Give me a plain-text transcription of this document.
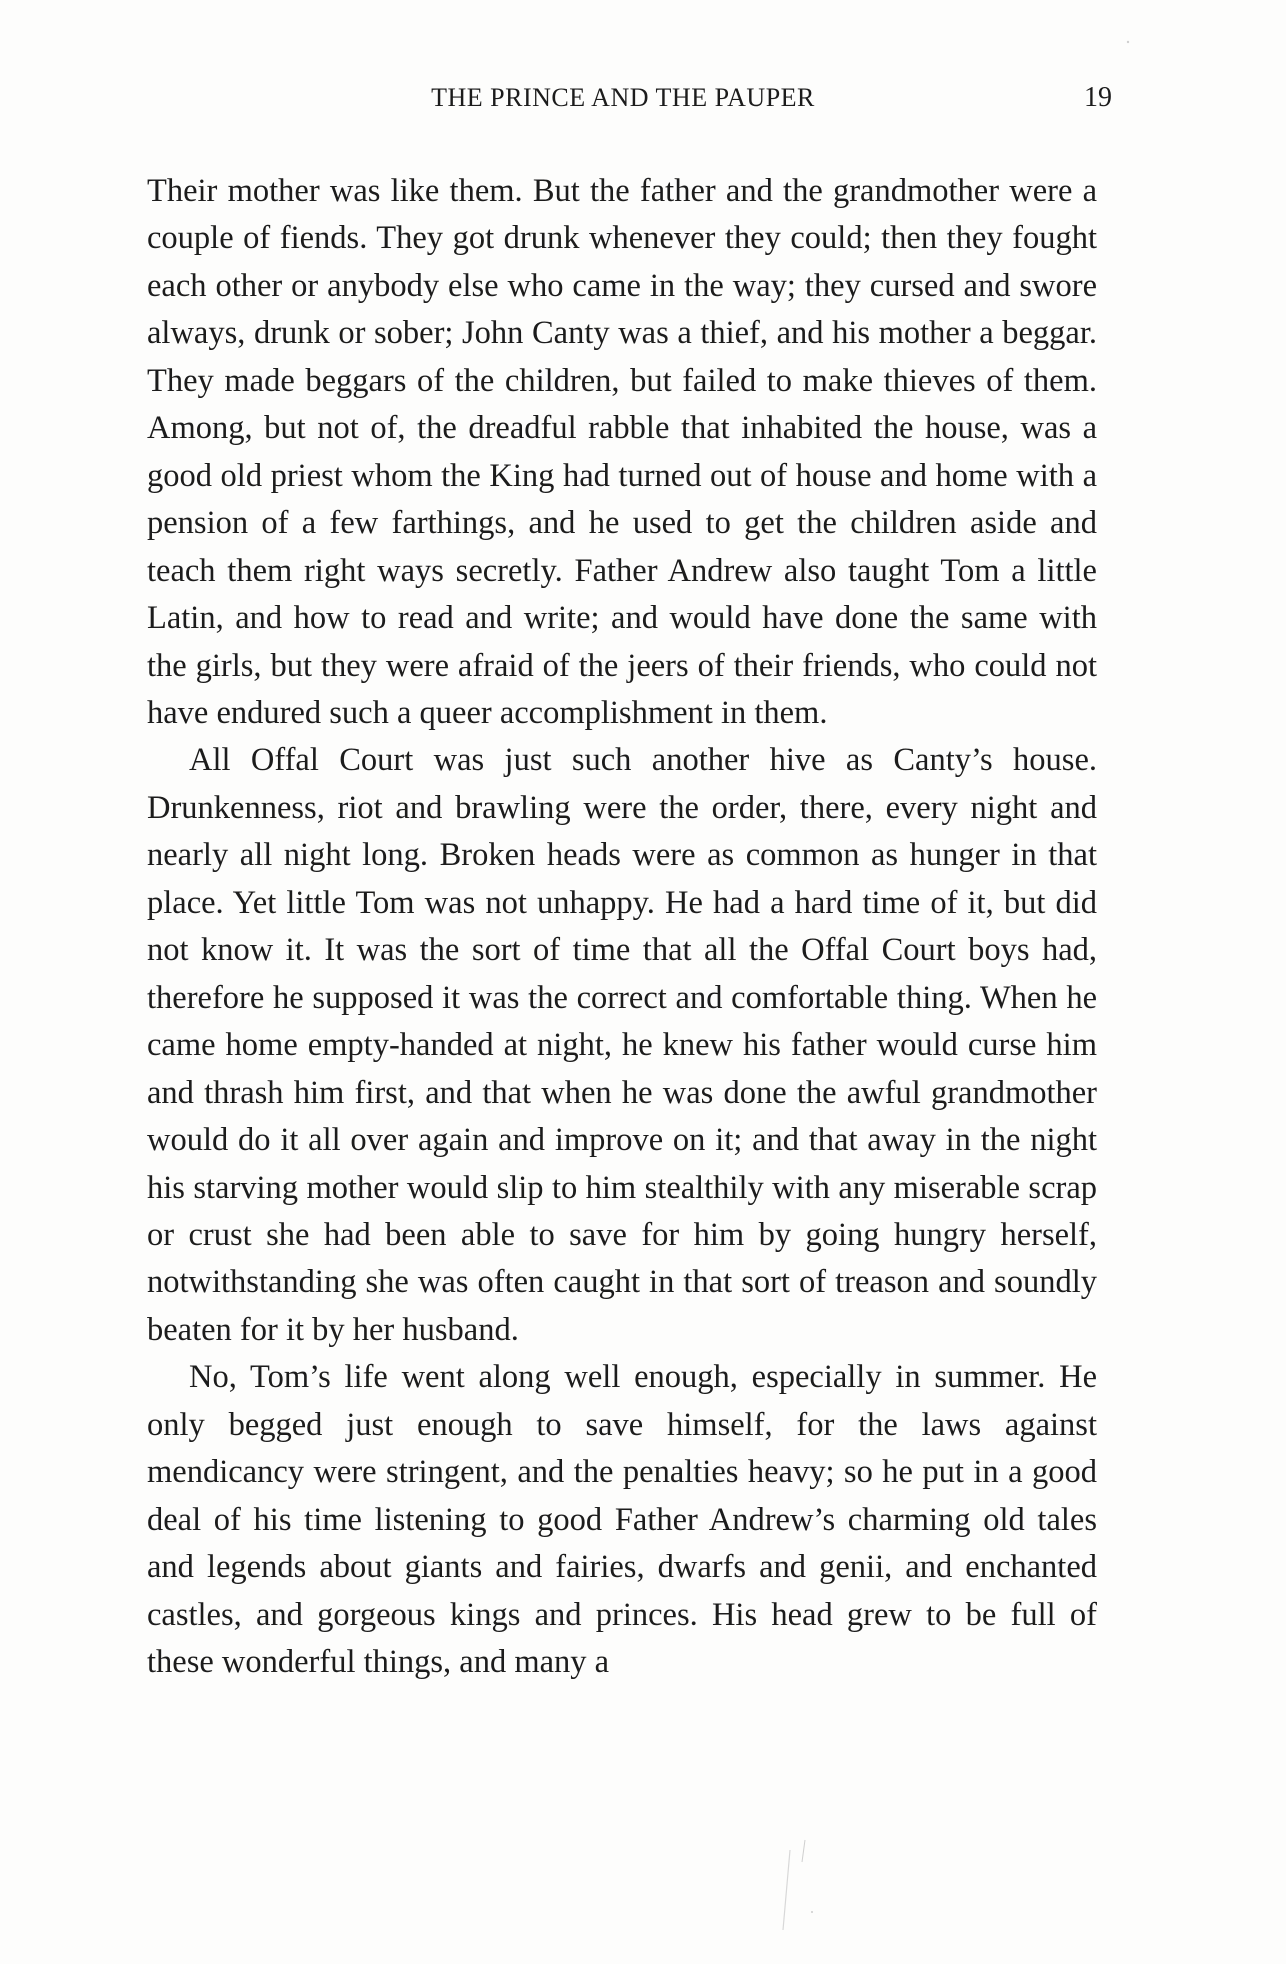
THE PRINCE AND THE PAUPER	19

Their mother was like them. But the father and the grandmother were a couple of fiends. They got drunk whenever they could; then they fought each other or anybody else who came in the way; they cursed and swore always, drunk or sober; John Canty was a thief, and his mother a beggar. They made beggars of the children, but failed to make thieves of them. Among, but not of, the dreadful rabble that inhabited the house, was a good old priest whom the King had turned out of house and home with a pension of a few farthings, and he used to get the children aside and teach them right ways secretly. Father Andrew also taught Tom a little Latin, and how to read and write; and would have done the same with the girls, but they were afraid of the jeers of their friends, who could not have endured such a queer accomplishment in them.

All Offal Court was just such another hive as Canty’s house. Drunkenness, riot and brawling were the order, there, every night and nearly all night long. Broken heads were as common as hunger in that place. Yet little Tom was not unhappy. He had a hard time of it, but did not know it. It was the sort of time that all the Offal Court boys had, therefore he supposed it was the correct and comfortable thing. When he came home empty-handed at night, he knew his father would curse him and thrash him first, and that when he was done the awful grandmother would do it all over again and improve on it; and that away in the night his starving mother would slip to him stealthily with any miserable scrap or crust she had been able to save for him by going hungry herself, notwithstanding she was often caught in that sort of treason and soundly beaten for it by her husband.

No, Tom’s life went along well enough, especially in summer. He only begged just enough to save himself, for the laws against mendicancy were stringent, and the penalties heavy; so he put in a good deal of his time listening to good Father Andrew’s charming old tales and legends about giants and fairies, dwarfs and genii, and enchanted castles, and gorgeous kings and princes. His head grew to be full of these wonderful things, and many a
